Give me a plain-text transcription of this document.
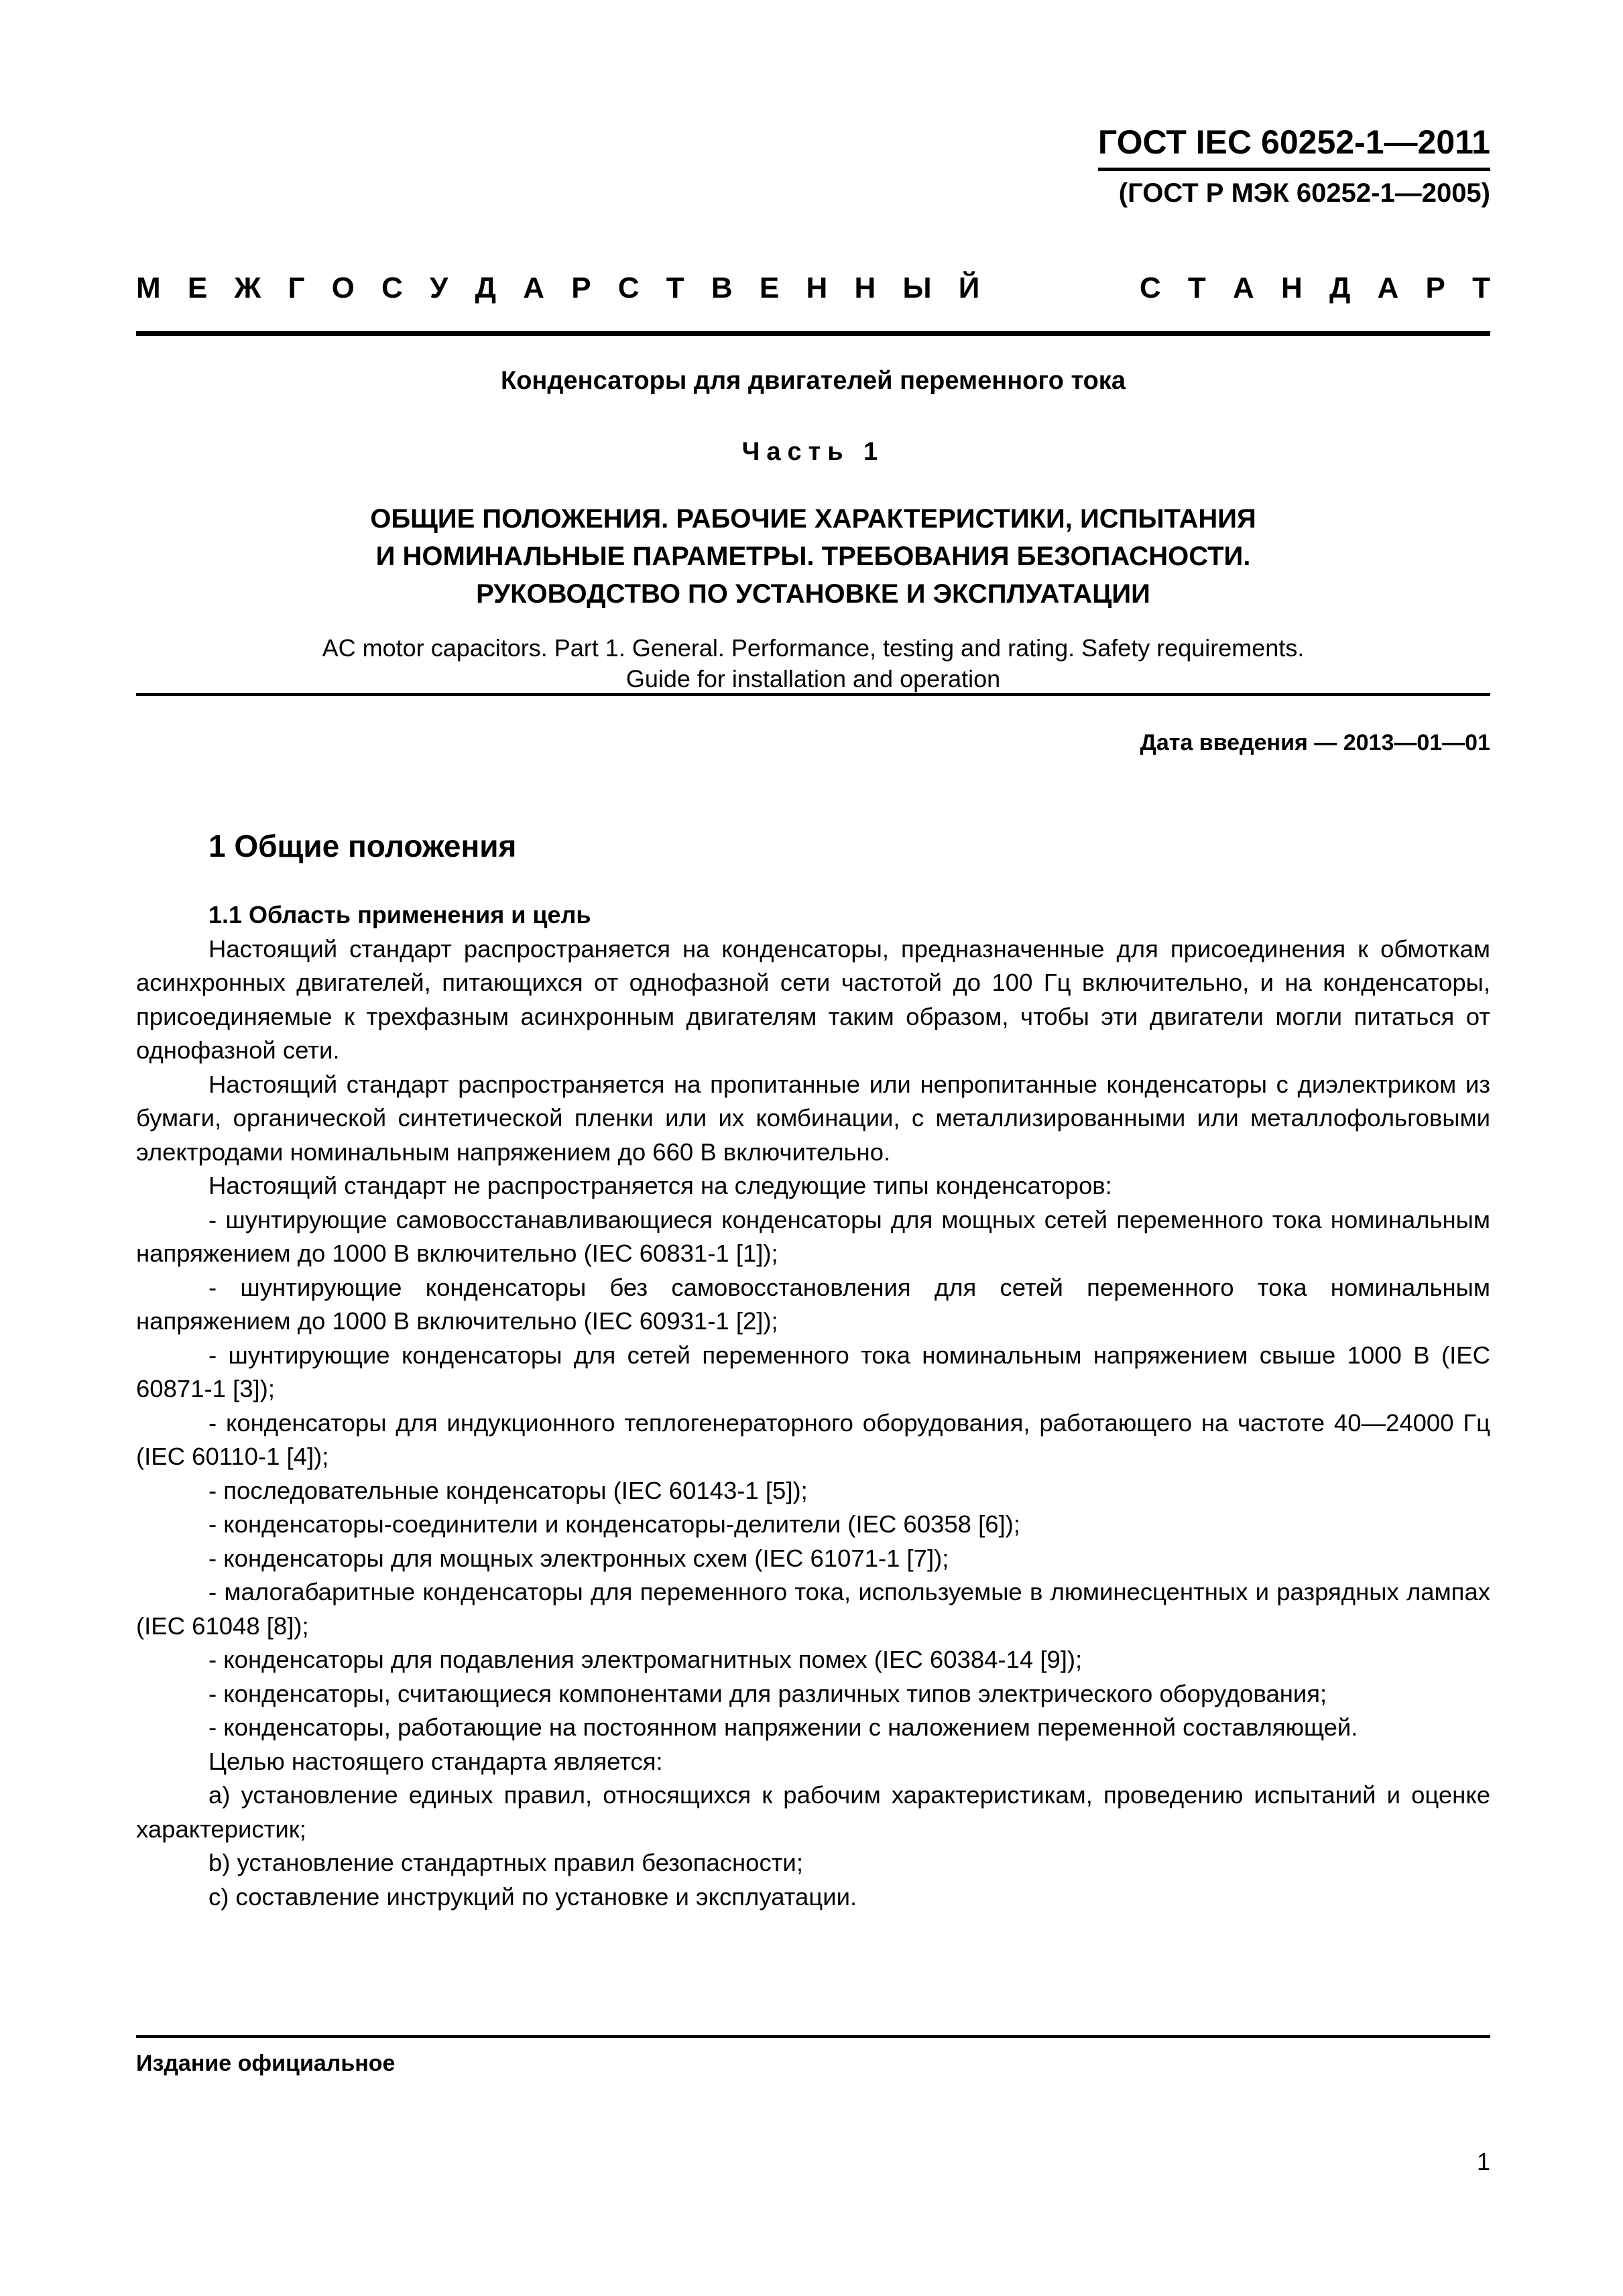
ГОСТ IEC 60252-1—2011
(ГОСТ Р МЭК 60252-1—2005)
М Е Ж Г О С У Д А Р С Т В Е Н Н Ы Й	С Т А Н Д А Р Т
Конденсаторы для двигателей переменного тока
Часть 1
ОБЩИЕ ПОЛОЖЕНИЯ. РАБОЧИЕ ХАРАКТЕРИСТИКИ, ИСПЫТАНИЯ
И НОМИНАЛЬНЫЕ ПАРАМЕТРЫ. ТРЕБОВАНИЯ БЕЗОПАСНОСТИ.
РУКОВОДСТВО ПО УСТАНОВКЕ И ЭКСПЛУАТАЦИИ
AC motor capacitors. Part 1. General. Performance, testing and rating. Safety requirements.
Guide for installation and operation
Дата введения — 2013—01—01
1 Общие положения

1.1 Область применения и цель

Настоящий стандарт распространяется на конденсаторы, предназначенные для присоединения к обмоткам асинхронных двигателей, питающихся от однофазной сети частотой до 100 Гц включительно, и на конденсаторы, присоединяемые к трехфазным асинхронным двигателям таким образом, чтобы эти двигатели могли питаться от однофазной сети.

Настоящий стандарт распространяется на пропитанные или непропитанные конденсаторы с диэлектриком из бумаги, органической синтетической пленки или их комбинации, с металлизированными или металлофольговыми электродами номинальным напряжением до 660 В включительно.

Настоящий стандарт не распространяется на следующие типы конденсаторов:

- шунтирующие самовосстанавливающиеся конденсаторы для мощных сетей переменного тока номинальным напряжением до 1000 В включительно (IEC 60831-1 [1]);

- шунтирующие конденсаторы без самовосстановления для сетей переменного тока номинальным напряжением до 1000 В включительно (IEC 60931-1 [2]);

- шунтирующие конденсаторы для сетей переменного тока номинальным напряжением свыше 1000 В (IEC 60871-1 [3]);

- конденсаторы для индукционного теплогенераторного оборудования, работающего на частоте 40—24000 Гц (IEC 60110-1 [4]);

- последовательные конденсаторы (IEC 60143-1 [5]);

- конденсаторы-соединители и конденсаторы-делители (IEC 60358 [6]);

- конденсаторы для мощных электронных схем (IEC 61071-1 [7]);

- малогабаритные конденсаторы для переменного тока, используемые в люминесцентных и разрядных лампах (IEC 61048 [8]);

- конденсаторы для подавления электромагнитных помех (IEC 60384-14 [9]);

- конденсаторы, считающиеся компонентами для различных типов электрического оборудования;

- конденсаторы, работающие на постоянном напряжении с наложением переменной составляющей.

Целью настоящего стандарта является:

a) установление единых правил, относящихся к рабочим характеристикам, проведению испытаний и оценке характеристик;

b) установление стандартных правил безопасности;

c) составление инструкций по установке и эксплуатации.

Издание официальное
1
